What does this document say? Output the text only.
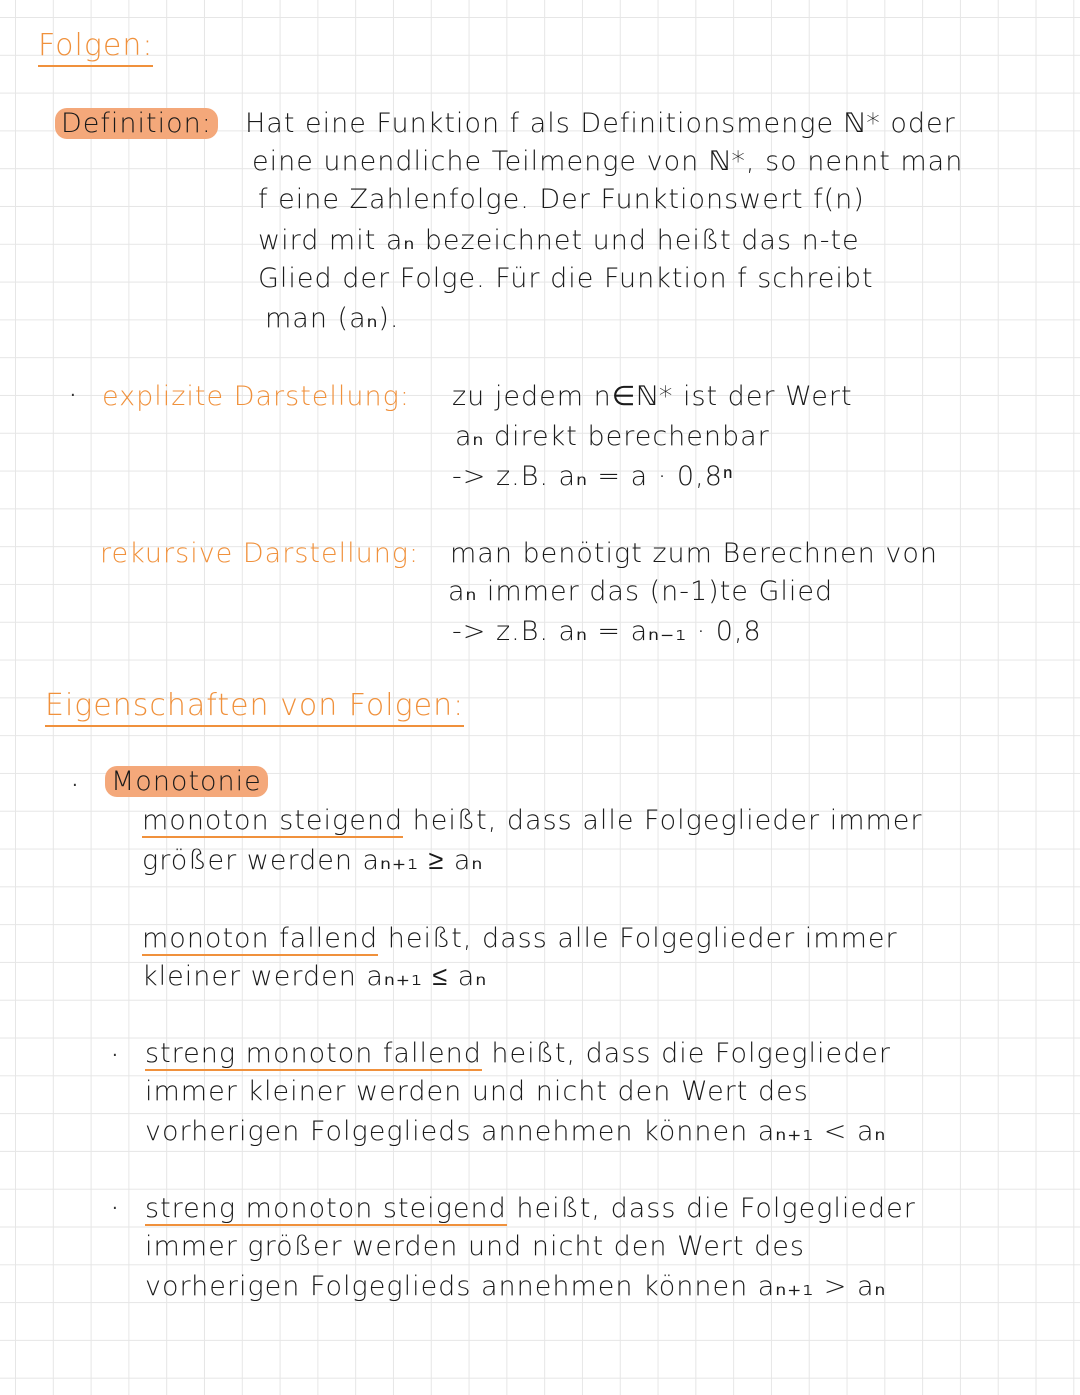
Folgen:
Definition: Hat eine Funktion f als Definitionsmenge ℕ* oder
eine unendliche Teilmenge von ℕ*, so nennt man
f eine Zahlenfolge. Der Funktionswert f(n)
wird mit aₙ bezeichnet und heißt das n-te
Glied der Folge. Für die Funktion f schreibt
man (aₙ).
· explizite Darstellung: zu jedem n∈ℕ* ist der Wert
aₙ direkt berechenbar
-> z.B. aₙ = a · 0,8ⁿ
rekursive Darstellung: man benötigt zum Berechnen von
aₙ immer das (n-1)te Glied
-> z.B. aₙ = aₙ₋₁ · 0,8
Eigenschaften von Folgen:
· Monotonie
monoton steigend heißt, dass alle Folgeglieder immer
größer werden aₙ₊₁ ≥ aₙ
monoton fallend heißt, dass alle Folgeglieder immer
kleiner werden aₙ₊₁ ≤ aₙ
· streng monoton fallend heißt, dass die Folgeglieder
immer kleiner werden und nicht den Wert des
vorherigen Folgeglieds annehmen können aₙ₊₁ < aₙ
· streng monoton steigend heißt, dass die Folgeglieder
immer größer werden und nicht den Wert des
vorherigen Folgeglieds annehmen können aₙ₊₁ > aₙ
